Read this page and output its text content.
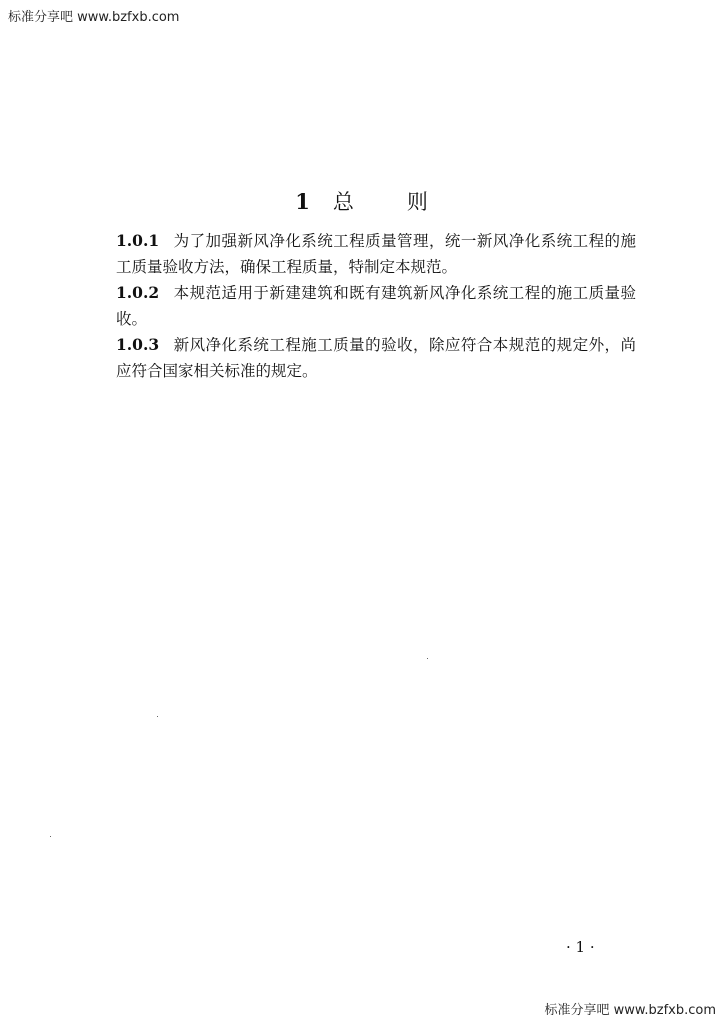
标准分享吧 www.bzfxb.com
1 总 则

1.0.1 为了加强新风净化系统工程质量管理，统一新风净化系统工程的施工质量验收方法，确保工程质量，特制定本规范。

1.0.2 本规范适用于新建建筑和既有建筑新风净化系统工程的施工质量验收。

1.0.3 新风净化系统工程施工质量的验收，除应符合本规范的规定外，尚应符合国家相关标准的规定。

· 1 ·
标准分享吧 www.bzfxb.com
